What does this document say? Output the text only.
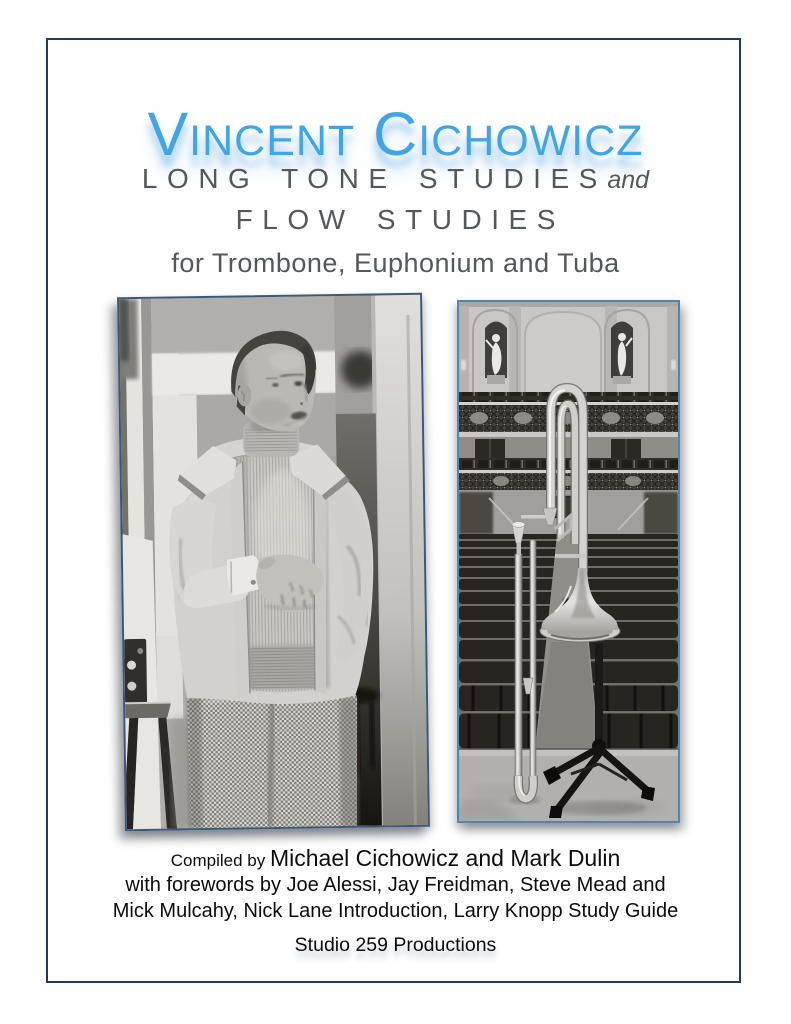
Vincent Cichowicz
LONG TONE STUDIESand
FLOW STUDIES
for Trombone, Euphonium and Tuba
Compiled by Michael Cichowicz and Mark Dulin
with forewords by Joe Alessi, Jay Freidman, Steve Mead and
Mick Mulcahy, Nick Lane Introduction, Larry Knopp Study Guide
Studio 259 Productions
